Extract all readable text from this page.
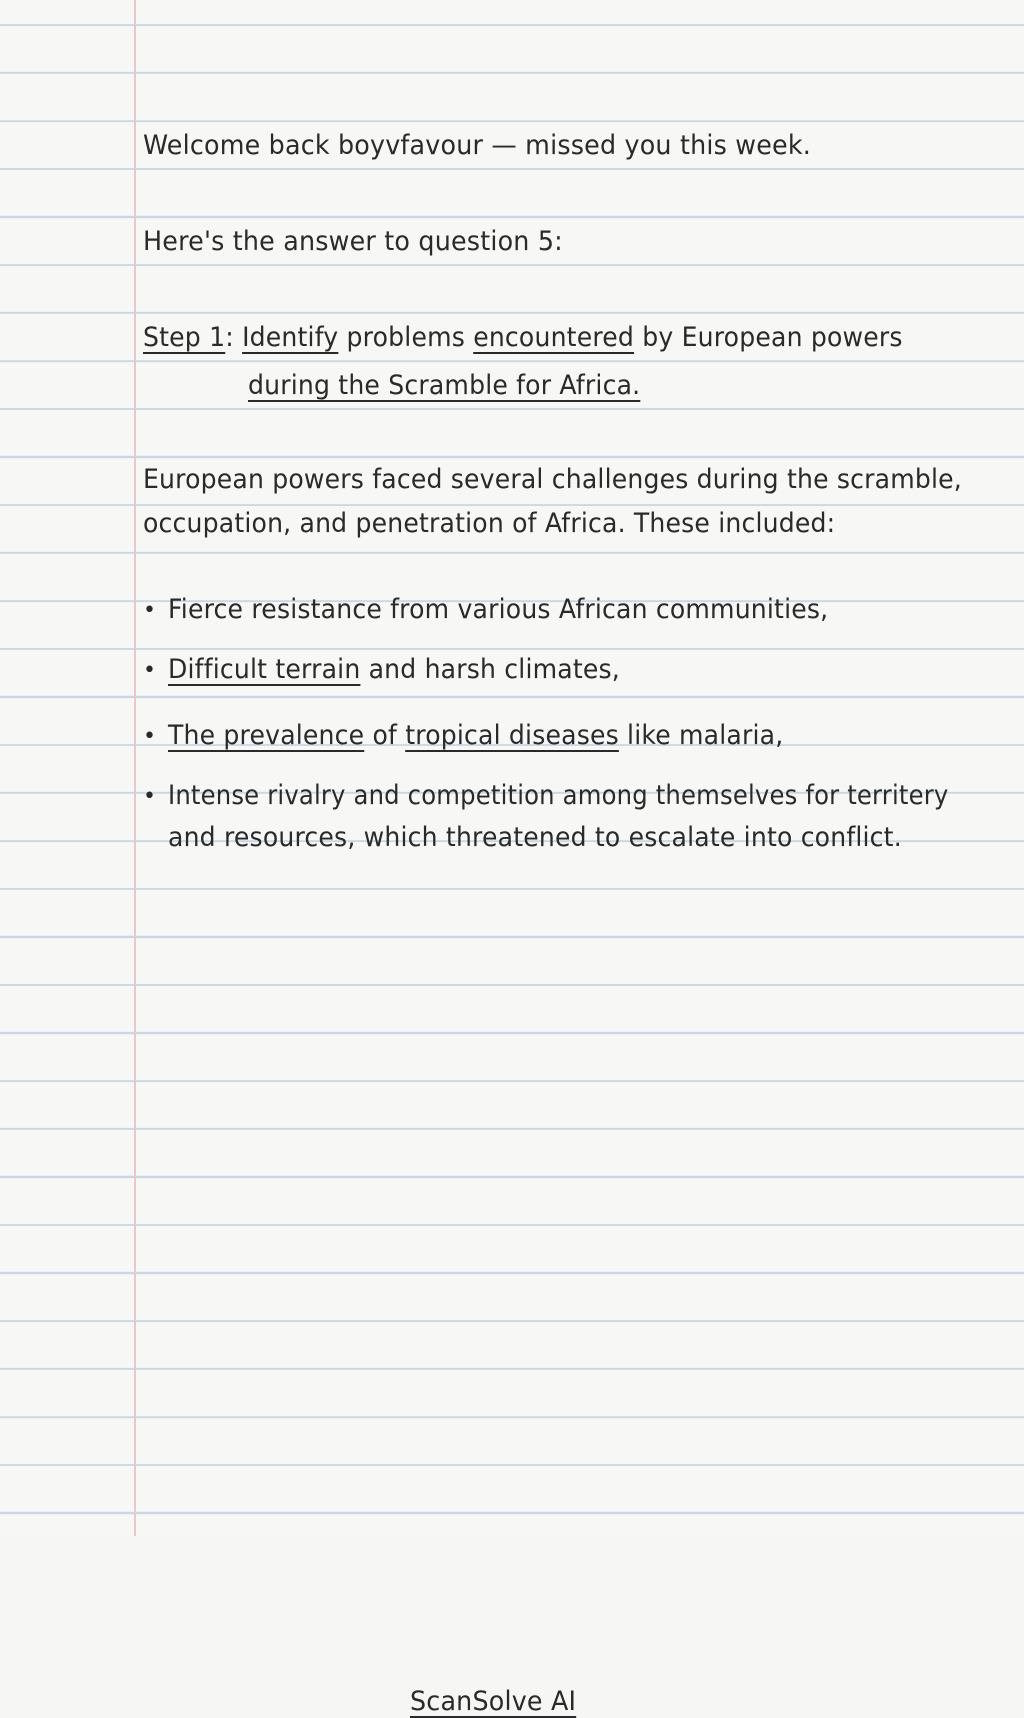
Welcome back boyvfavour — missed you this week.
Here's the answer to question 5:
Step 1: Identify problems encountered by European powers
during the Scramble for Africa.
European powers faced several challenges during the scramble,
occupation, and penetration of Africa. These included:
• Fierce resistance from various African communities,
• Difficult terrain and harsh climates,
• The prevalence of tropical diseases like malaria,
• Intense rivalry and competition among themselves for territery
and resources, which threatened to escalate into conflict.
ScanSolve AI
